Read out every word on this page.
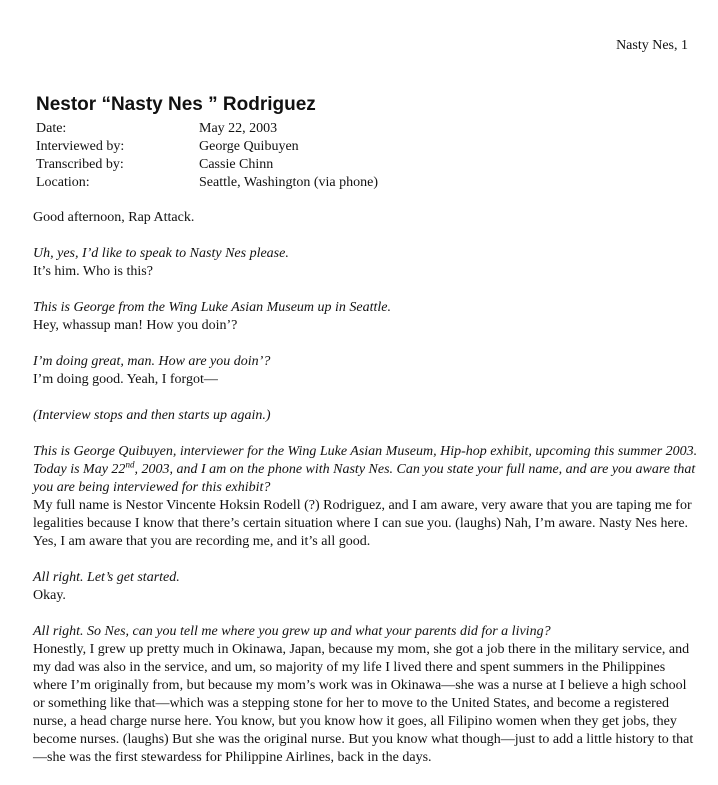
Nasty Nes, 1
Nestor “Nasty Nes ” Rodriguez
Date:	May 22, 2003
Interviewed by:	George Quibuyen
Transcribed by:	Cassie Chinn
Location:	Seattle, Washington (via phone)

Good afternoon, Rap Attack.

Uh, yes, I’d like to speak to Nasty Nes please.
It’s him. Who is this?
This is George from the Wing Luke Asian Museum up in Seattle.
Hey, whassup man! How you doin’?
I’m doing great, man. How are you doin’?
I’m doing good. Yeah, I forgot—

(Interview stops and then starts up again.)

This is George Quibuyen, interviewer for the Wing Luke Asian Museum, Hip-hop exhibit, upcoming this summer 2003. Today is May 22nd, 2003, and I am on the phone with Nasty Nes. Can you state your full name, and are you aware that you are being interviewed for this exhibit?
My full name is Nestor Vincente Hoksin Rodell (?) Rodriguez, and I am aware, very aware that you are taping me for legalities because I know that there’s certain situation where I can sue you. (laughs) Nah, I’m aware. Nasty Nes here. Yes, I am aware that you are recording me, and it’s all good.
All right. Let’s get started.
Okay.
All right. So Nes, can you tell me where you grew up and what your parents did for a living?
Honestly, I grew up pretty much in Okinawa, Japan, because my mom, she got a job there in the military service, and my dad was also in the service, and um, so majority of my life I lived there and spent summers in the Philippines where I’m originally from, but because my mom’s work was in Okinawa—she was a nurse at I believe a high school or something like that—which was a stepping stone for her to move to the United States, and become a registered nurse, a head charge nurse here. You know, but you know how it goes, all Filipino women when they get jobs, they become nurses. (laughs) But she was the original nurse. But you know what though—just to add a little history to that—she was the first stewardess for Philippine Airlines, back in the days.
